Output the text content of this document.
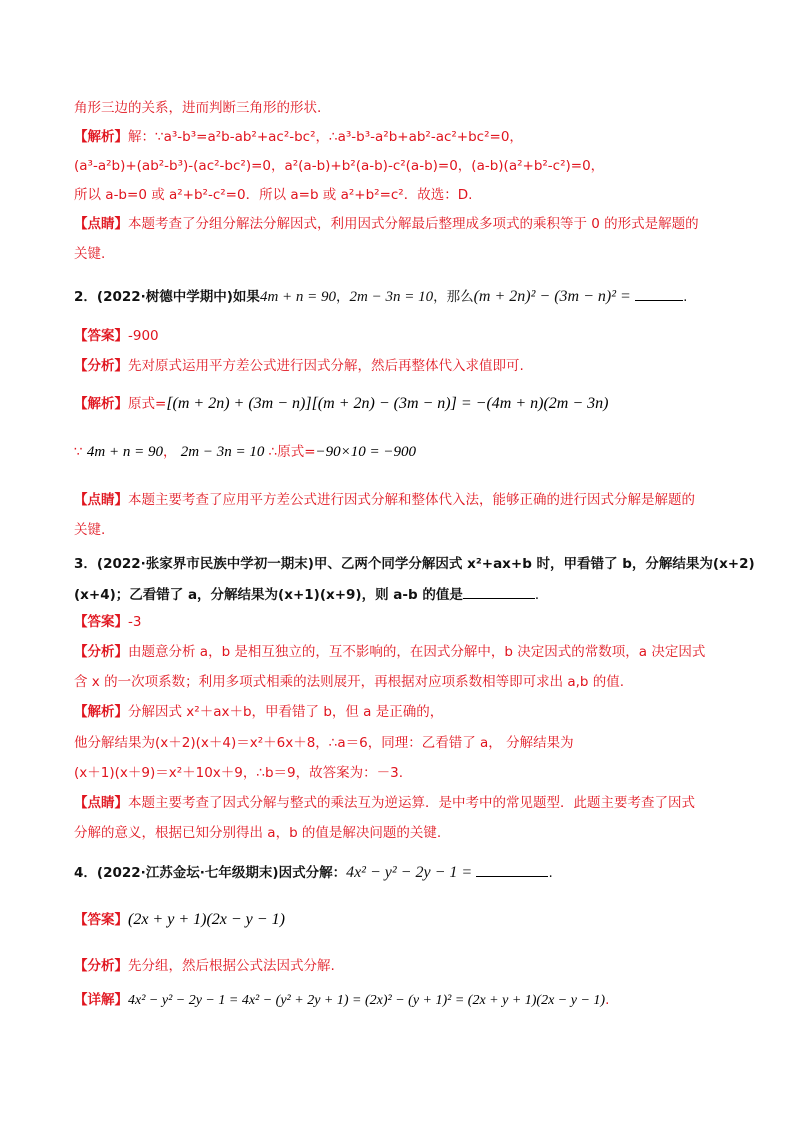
角形三边的关系，进而判断三角形的形状.
【解析】解：∵a³-b³=a²b-ab²+ac²-bc²，∴a³-b³-a²b+ab²-ac²+bc²=0，
(a³-a²b)+(ab²-b³)-(ac²-bc²)=0，a²(a-b)+b²(a-b)-c²(a-b)=0，(a-b)(a²+b²-c²)=0，
所以 a-b=0 或 a²+b²-c²=0．所以 a=b 或 a²+b²=c²．故选：D.
【点睛】本题考查了分组分解法分解因式，利用因式分解最后整理成多项式的乘积等于 0 的形式是解题的
关键.
2．(2022·树德中学期中)如果4m + n = 90，2m − 3n = 10，那么(m + 2n)² − (3m − n)² =	.
【答案】-900
【分析】先对原式运用平方差公式进行因式分解，然后再整体代入求值即可.
【解析】原式=[(m + 2n) + (3m − n)][(m + 2n) − (3m − n)] = −(4m + n)(2m − 3n)
∵ 4m + n = 90， 2m − 3n = 10 ∴原式=−90×10 = −900
【点睛】本题主要考查了应用平方差公式进行因式分解和整体代入法，能够正确的进行因式分解是解题的
关键.
3．(2022·张家界市民族中学初一期末)甲、乙两个同学分解因式 x²+ax+b 时，甲看错了 b，分解结果为(x+2)
(x+4)；乙看错了 a，分解结果为(x+1)(x+9)，则 a-b 的值是	．
【答案】-3
【分析】由题意分析 a，b 是相互独立的，互不影响的，在因式分解中，b 决定因式的常数项，a 决定因式
含 x 的一次项系数；利用多项式相乘的法则展开，再根据对应项系数相等即可求出 a,b 的值.
【解析】分解因式 x²＋ax＋b，甲看错了 b，但 a 是正确的，
他分解结果为(x＋2)(x＋4)＝x²＋6x＋8，∴a＝6，同理：乙看错了 a， 分解结果为
(x＋1)(x＋9)＝x²＋10x＋9，∴b＝9，故答案为：－3.
【点睛】本题主要考查了因式分解与整式的乘法互为逆运算．是中考中的常见题型．此题主要考查了因式
分解的意义，根据已知分别得出 a，b 的值是解决问题的关键.
4．(2022·江苏金坛·七年级期末)因式分解：4x² − y² − 2y − 1 =	.
【答案】(2x + y + 1)(2x − y − 1)
【分析】先分组，然后根据公式法因式分解.
【详解】4x² − y² − 2y − 1 = 4x² − (y² + 2y + 1) = (2x)² − (y + 1)² = (2x + y + 1)(2x − y − 1).
